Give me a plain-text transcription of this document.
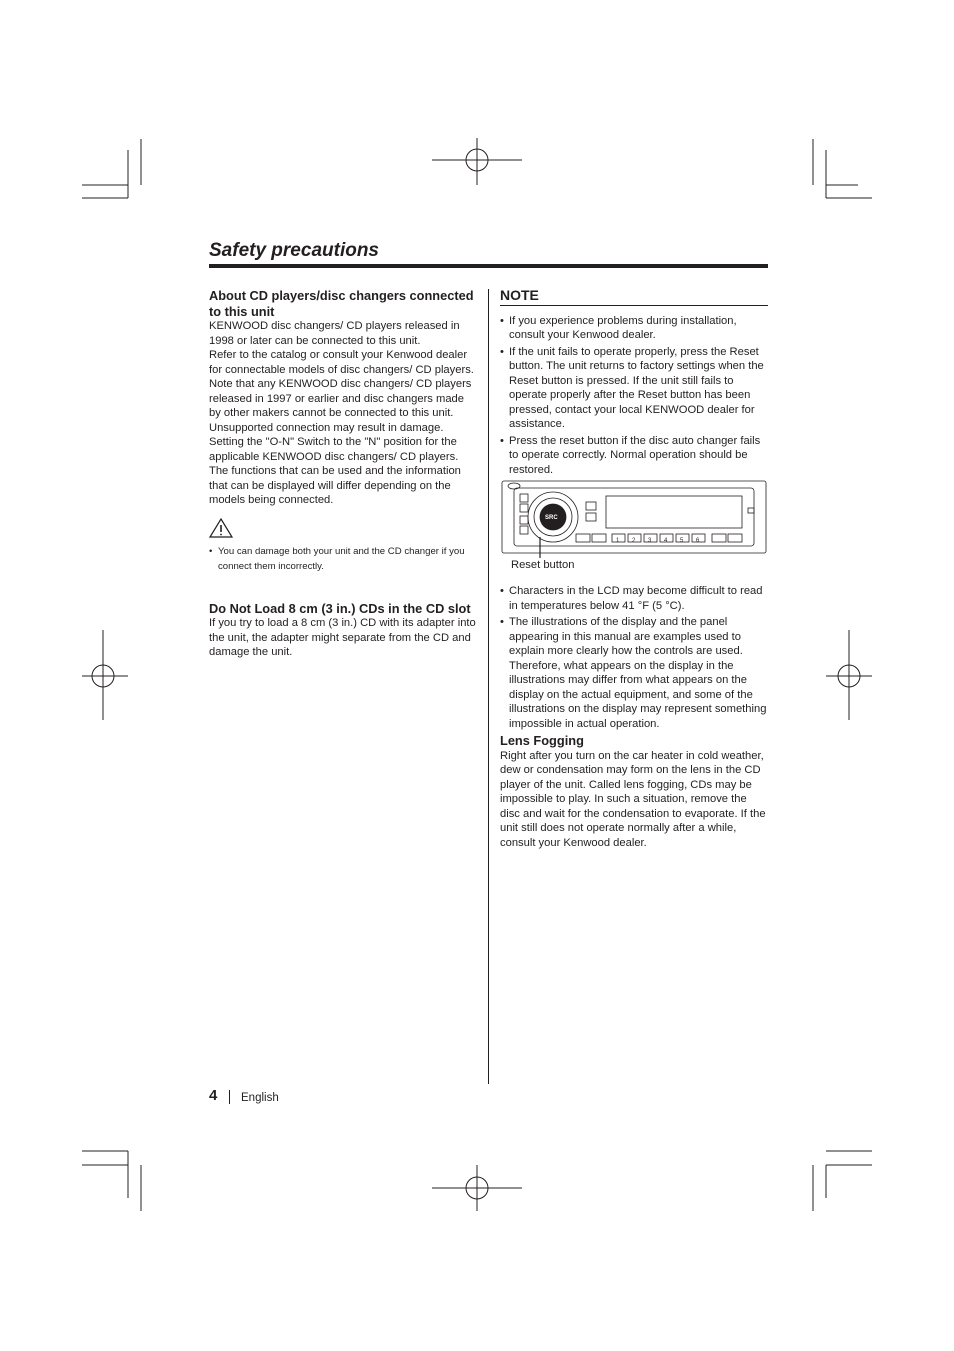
Safety precautions
About CD players/disc changers connected to this unit

KENWOOD disc changers/ CD players released in 1998 or later can be connected to this unit.

Refer to the catalog or consult your Kenwood dealer for connectable models of disc changers/ CD players.

Note that any KENWOOD disc changers/ CD players released in 1997 or earlier and disc changers made by other makers cannot be connected to this unit.

Unsupported connection may result in damage.

Setting the "O-N" Switch to the "N" position for the applicable KENWOOD disc changers/ CD players.

The functions that can be used and the information that can be displayed will differ depending on the models being connected.

• You can damage both your unit and the CD changer if you connect them incorrectly.

Do Not Load 8 cm (3 in.) CDs in the CD slot

If you try to load a 8 cm (3 in.) CD with its adapter into the unit, the adapter might separate from the CD and damage the unit.

NOTE
• If you experience problems during installation, consult your Kenwood dealer.
• If the unit fails to operate properly, press the Reset button. The unit returns to factory settings when the Reset button is pressed. If the unit still fails to operate properly after the Reset button has been pressed, contact your local KENWOOD dealer for assistance.
• Press the reset button if the disc auto changer fails to operate correctly. Normal operation should be restored.
SRC
1 2 3 4 5 6
Reset button
• Characters in the LCD may become difficult to read in temperatures below 41 °F (5 °C).
• The illustrations of the display and the panel appearing in this manual are examples used to explain more clearly how the controls are used. Therefore, what appears on the display in the illustrations may differ from what appears on the display on the actual equipment, and some of the illustrations on the display may represent something impossible in actual operation.
Lens Fogging

Right after you turn on the car heater in cold weather, dew or condensation may form on the lens in the CD player of the unit. Called lens fogging, CDs may be impossible to play. In such a situation, remove the disc and wait for the condensation to evaporate. If the unit still does not operate normally after a while, consult your Kenwood dealer.

4 English
